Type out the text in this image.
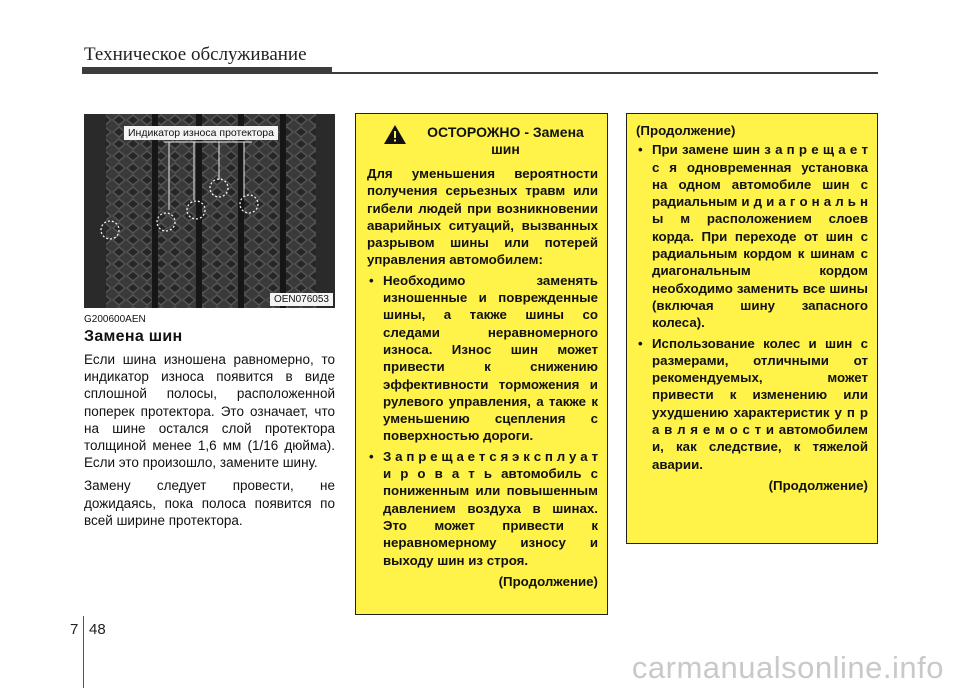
Техническое обслуживание
Индикатор износа протектора
OEN076053
G200600AEN
Замена шин

Если шина изношена равномерно, то индикатор износа появится в виде сплошной полосы, расположенной поперек протектора. Это означает, что на шине остался слой протектора толщиной менее 1,6 мм (1/16 дюйма). Если это произошло, замените шину.

Замену следует провести, не дожидаясь, пока полоса появится по всей ширине протектора.

ОСТОРОЖНО - Замена шин

Для уменьшения вероятности получения серьезных травм или гибели людей при возникновении аварийных ситуаций, вызванных разрывом шины или потерей управления автомобилем:

• Необходимо заменять изношенные и поврежденные шины, а также шины со следами неравномерного износа. Износ шин может привести к снижению эффективности торможения и рулевого управления, а также к уменьшению сцепления с поверхностью дороги.
• З а п р е щ а е т с я э к с п л у а т и р о в а т ь автомобиль с пониженным или повышенным давлением воздуха в шинах. Это может привести к неравномерному износу и выходу шин из строя.
(Продолжение)
(Продолжение)
• При замене шин з а п р е щ а е т с я одновременная установка на одном автомобиле шин с радиальным и д и а г о н а л ь н ы м расположением слоев корда. При переходе от шин с радиальным кордом к шинам с диагональным кордом необходимо заменить все шины (включая шину запасного колеса).
• Использование колес и шин с размерами, отличными от рекомендуемых, может привести к изменению или ухудшению характеристик у п р а в л я е м о с т и автомобилем и, как следствие, к тяжелой аварии.
(Продолжение)
7 48
carmanualsonline.info
